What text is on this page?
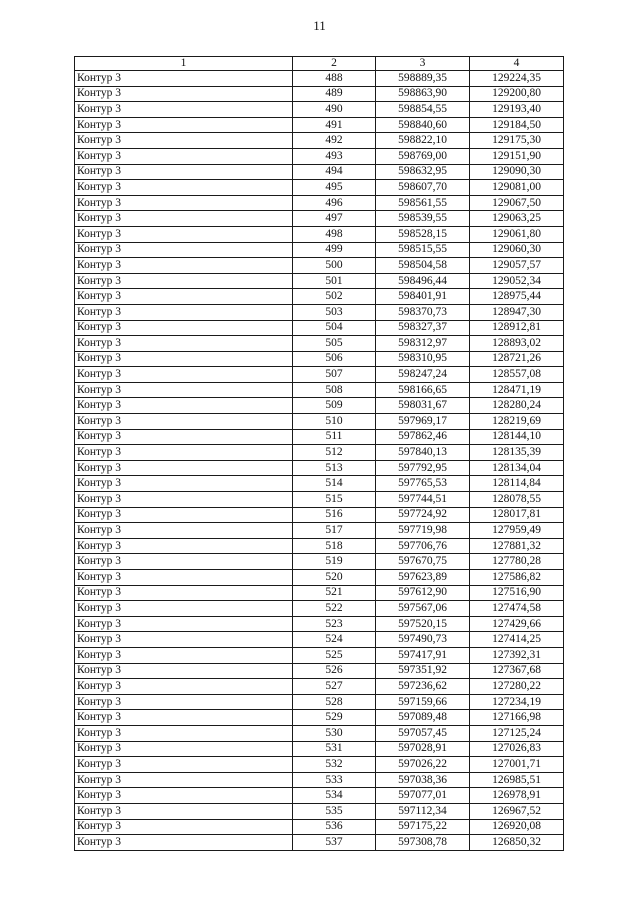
11
1	2	3	4
Контур 3	488	598889,35	129224,35
Контур 3	489	598863,90	129200,80
Контур 3	490	598854,55	129193,40
Контур 3	491	598840,60	129184,50
Контур 3	492	598822,10	129175,30
Контур 3	493	598769,00	129151,90
Контур 3	494	598632,95	129090,30
Контур 3	495	598607,70	129081,00
Контур 3	496	598561,55	129067,50
Контур 3	497	598539,55	129063,25
Контур 3	498	598528,15	129061,80
Контур 3	499	598515,55	129060,30
Контур 3	500	598504,58	129057,57
Контур 3	501	598496,44	129052,34
Контур 3	502	598401,91	128975,44
Контур 3	503	598370,73	128947,30
Контур 3	504	598327,37	128912,81
Контур 3	505	598312,97	128893,02
Контур 3	506	598310,95	128721,26
Контур 3	507	598247,24	128557,08
Контур 3	508	598166,65	128471,19
Контур 3	509	598031,67	128280,24
Контур 3	510	597969,17	128219,69
Контур 3	511	597862,46	128144,10
Контур 3	512	597840,13	128135,39
Контур 3	513	597792,95	128134,04
Контур 3	514	597765,53	128114,84
Контур 3	515	597744,51	128078,55
Контур 3	516	597724,92	128017,81
Контур 3	517	597719,98	127959,49
Контур 3	518	597706,76	127881,32
Контур 3	519	597670,75	127780,28
Контур 3	520	597623,89	127586,82
Контур 3	521	597612,90	127516,90
Контур 3	522	597567,06	127474,58
Контур 3	523	597520,15	127429,66
Контур 3	524	597490,73	127414,25
Контур 3	525	597417,91	127392,31
Контур 3	526	597351,92	127367,68
Контур 3	527	597236,62	127280,22
Контур 3	528	597159,66	127234,19
Контур 3	529	597089,48	127166,98
Контур 3	530	597057,45	127125,24
Контур 3	531	597028,91	127026,83
Контур 3	532	597026,22	127001,71
Контур 3	533	597038,36	126985,51
Контур 3	534	597077,01	126978,91
Контур 3	535	597112,34	126967,52
Контур 3	536	597175,22	126920,08
Контур 3	537	597308,78	126850,32
